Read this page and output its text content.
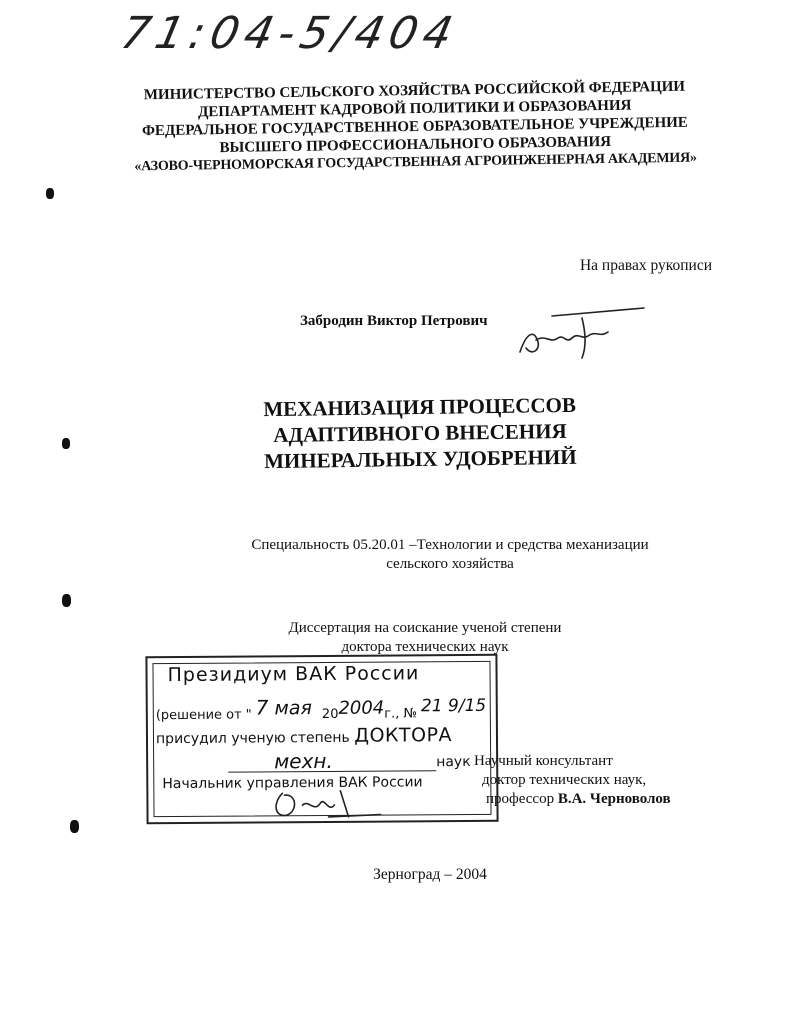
71:04-5/404
МИНИСТЕРСТВО СЕЛЬСКОГО ХОЗЯЙСТВА РОССИЙСКОЙ ФЕДЕРАЦИИ
ДЕПАРТАМЕНТ КАДРОВОЙ ПОЛИТИКИ И ОБРАЗОВАНИЯ
ФЕДЕРАЛЬНОЕ ГОСУДАРСТВЕННОЕ ОБРАЗОВАТЕЛЬНОЕ УЧРЕЖДЕНИЕ
ВЫСШЕГО ПРОФЕССИОНАЛЬНОГО ОБРАЗОВАНИЯ
«АЗОВО-ЧЕРНОМОРСКАЯ ГОСУДАРСТВЕННАЯ АГРОИНЖЕНЕРНАЯ АКАДЕМИЯ»
На правах рукописи
Забродин Виктор Петрович
МЕХАНИЗАЦИЯ ПРОЦЕССОВ
АДАПТИВНОГО ВНЕСЕНИЯ
МИНЕРАЛЬНЫХ УДОБРЕНИЙ
Специальность 05.20.01 –Технологии и средства механизации
сельского хозяйства
Диссертация на соискание ученой степени
доктора технических наук
Президиум ВАК России
(решение от " 7 мая 202004г., № 21 9/15
присудил ученую степень ДОКТОРА
мехн.	наук
Начальник управления ВАК России
Научный консультант
доктор технических наук,
профессор В.А. Черноволов
Зерноград – 2004
